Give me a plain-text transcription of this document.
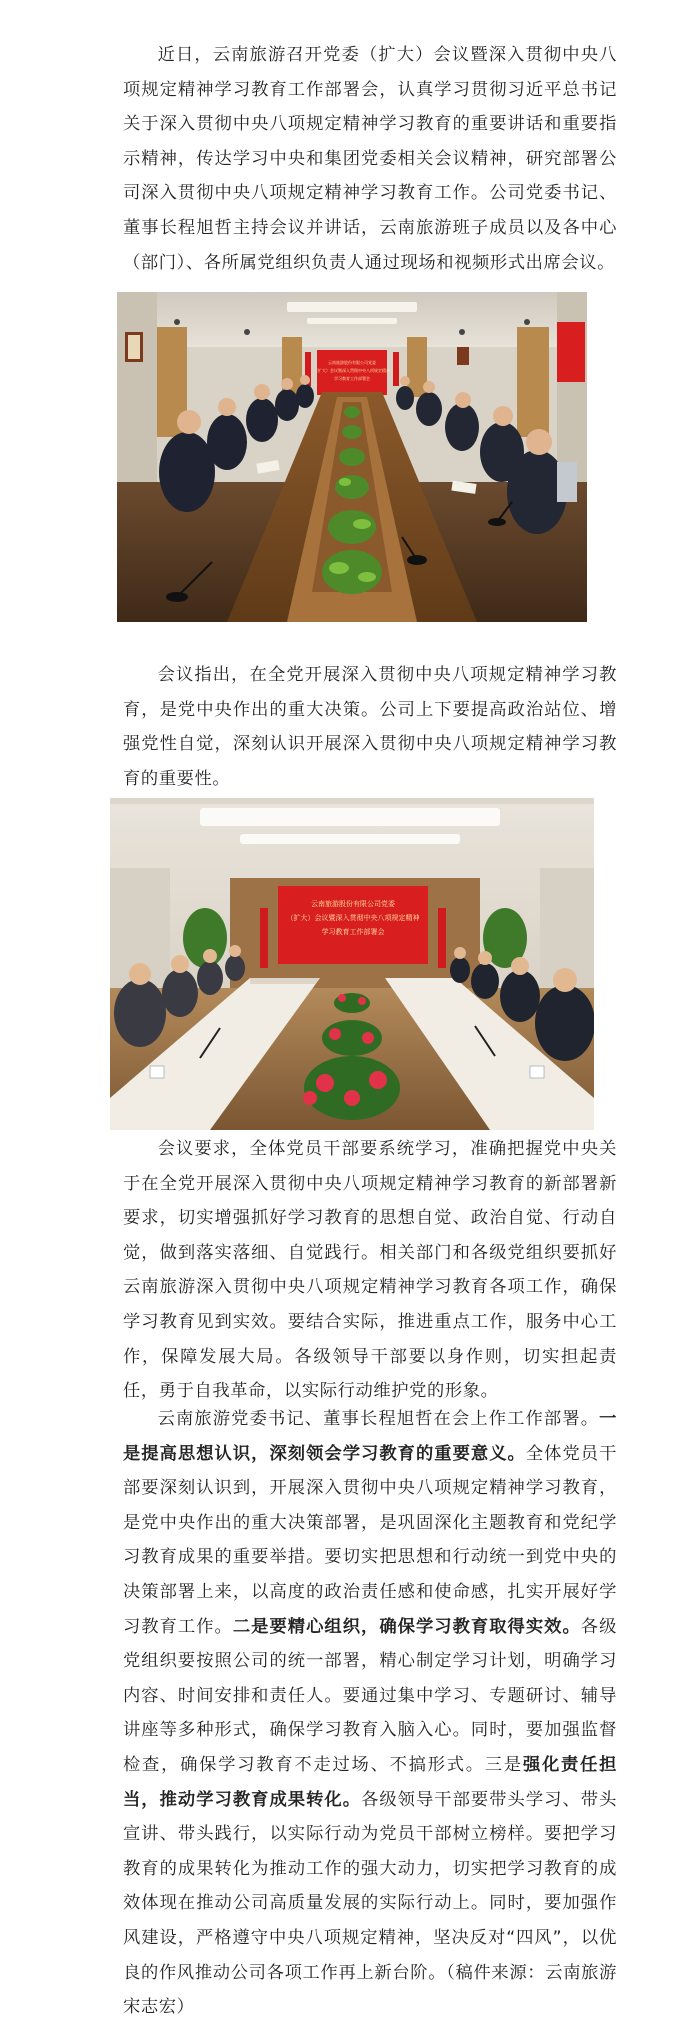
近日，云南旅游召开党委（扩大）会议暨深入贯彻中央八项规定精神学习教育工作部署会，认真学习贯彻习近平总书记关于深入贯彻中央八项规定精神学习教育的重要讲话和重要指示精神，传达学习中央和集团党委相关会议精神，研究部署公司深入贯彻中央八项规定精神学习教育工作。公司党委书记、董事长程旭哲主持会议并讲话，云南旅游班子成员以及各中心（部门）、各所属党组织负责人通过现场和视频形式出席会议。

云南旅游股份有限公司党委
（扩大）会议暨深入贯彻中央八项规定精神
学习教育工作部署会

会议指出，在全党开展深入贯彻中央八项规定精神学习教育，是党中央作出的重大决策。公司上下要提高政治站位、增强党性自觉，深刻认识开展深入贯彻中央八项规定精神学习教育的重要性。

云南旅游股份有限公司党委
（扩大）会议暨深入贯彻中央八项规定精神
学习教育工作部署会

会议要求，全体党员干部要系统学习，准确把握党中央关于在全党开展深入贯彻中央八项规定精神学习教育的新部署新要求，切实增强抓好学习教育的思想自觉、政治自觉、行动自觉，做到落实落细、自觉践行。相关部门和各级党组织要抓好云南旅游深入贯彻中央八项规定精神学习教育各项工作，确保学习教育见到实效。要结合实际，推进重点工作，服务中心工作，保障发展大局。各级领导干部要以身作则，切实担起责任，勇于自我革命，以实际行动维护党的形象。

云南旅游党委书记、董事长程旭哲在会上作工作部署。一是提高思想认识，深刻领会学习教育的重要意义。全体党员干部要深刻认识到，开展深入贯彻中央八项规定精神学习教育，是党中央作出的重大决策部署，是巩固深化主题教育和党纪学习教育成果的重要举措。要切实把思想和行动统一到党中央的决策部署上来，以高度的政治责任感和使命感，扎实开展好学习教育工作。二是要精心组织，确保学习教育取得实效。各级党组织要按照公司的统一部署，精心制定学习计划，明确学习内容、时间安排和责任人。要通过集中学习、专题研讨、辅导讲座等多种形式，确保学习教育入脑入心。同时，要加强监督检查，确保学习教育不走过场、不搞形式。三是强化责任担当，推动学习教育成果转化。各级领导干部要带头学习、带头宣讲、带头践行，以实际行动为党员干部树立榜样。要把学习教育的成果转化为推动工作的强大动力，切实把学习教育的成效体现在推动公司高质量发展的实际行动上。同时，要加强作风建设，严格遵守中央八项规定精神，坚决反对“四风”，以优良的作风推动公司各项工作再上新台阶。（稿件来源：云南旅游 宋志宏）
